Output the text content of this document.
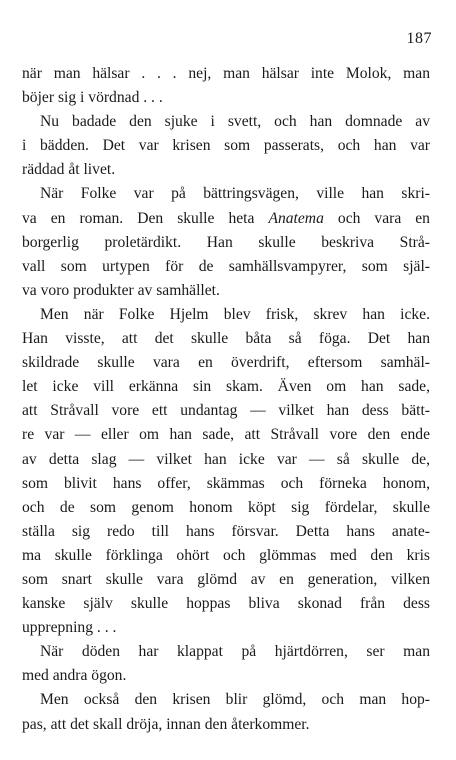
187
när man hälsar . . . nej, man hälsar inte Molok, man
böjer sig i vördnad . . .
Nu badade den sjuke i svett, och han domnade av
i bädden. Det var krisen som passerats, och han var
räddad åt livet.
När Folke var på bättringsvägen, ville han skri-
va en roman. Den skulle heta Anatema och vara en
borgerlig proletärdikt. Han skulle beskriva Strå-
vall som urtypen för de samhällsvampyrer, som själ-
va voro produkter av samhället.
Men när Folke Hjelm blev frisk, skrev han icke.
Han visste, att det skulle båta så föga. Det han
skildrade skulle vara en överdrift, eftersom samhäl-
let icke vill erkänna sin skam. Även om han sade,
att Stråvall vore ett undantag — vilket han dess bätt-
re var — eller om han sade, att Stråvall vore den ende
av detta slag — vilket han icke var — så skulle de,
som blivit hans offer, skämmas och förneka honom,
och de som genom honom köpt sig fördelar, skulle
ställa sig redo till hans försvar. Detta hans anate-
ma skulle förklinga ohört och glömmas med den kris
som snart skulle vara glömd av en generation, vilken
kanske själv skulle hoppas bliva skonad från dess
upprepning . . .
När döden har klappat på hjärtdörren, ser man
med andra ögon.
Men också den krisen blir glömd, och man hop-
pas, att det skall dröja, innan den återkommer.
